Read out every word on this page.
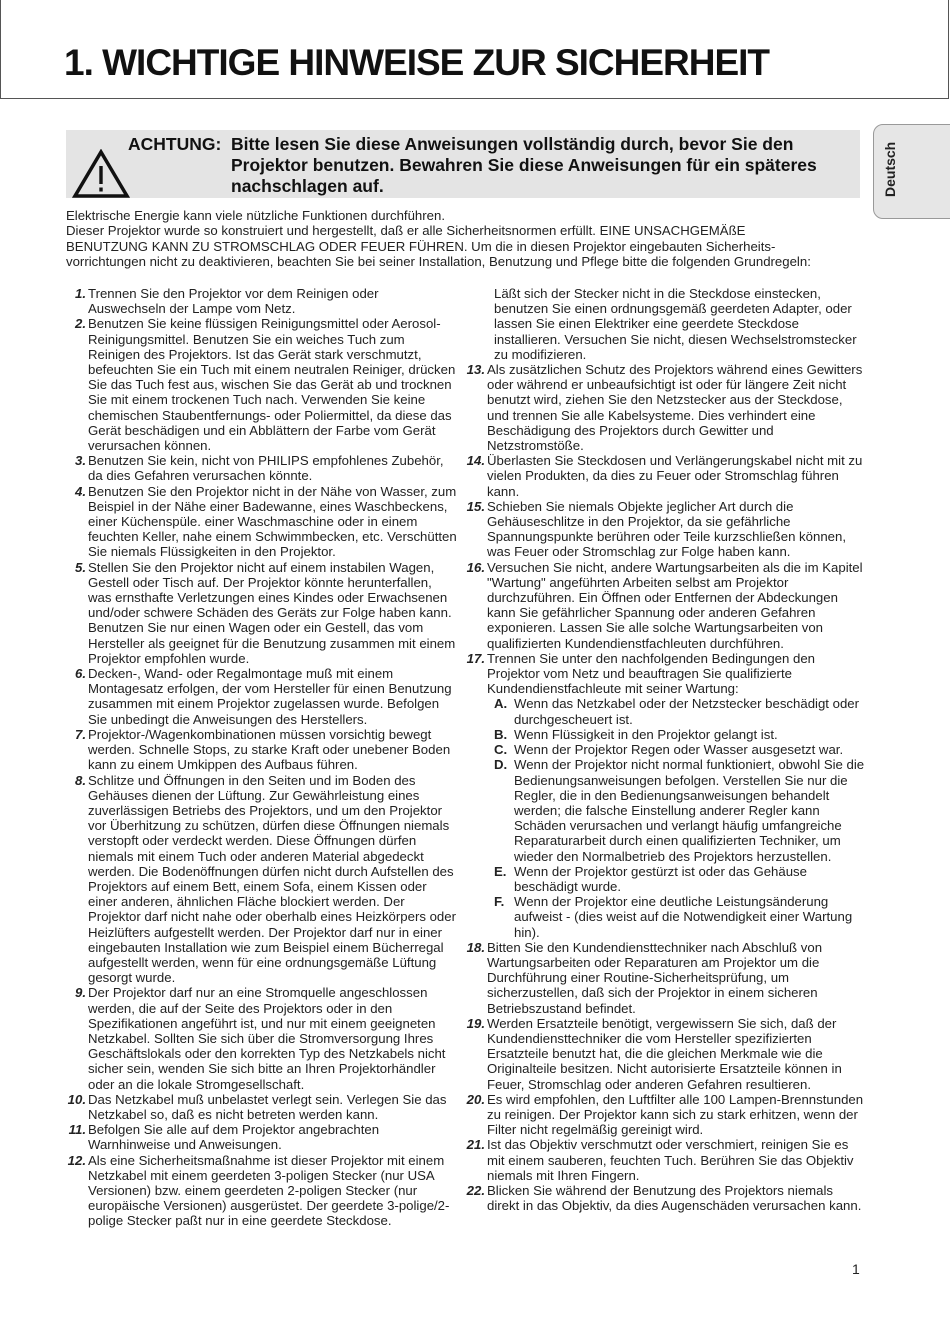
1. WICHTIGE HINWEISE ZUR SICHERHEIT
Deutsch
ACHTUNG: Bitte lesen Sie diese Anweisungen vollständig durch, bevor Sie den Projektor benutzen. Bewahren Sie diese Anweisungen für ein späteres nachschlagen auf.
Elektrische Energie kann viele nützliche Funktionen durchführen.
Dieser Projektor wurde so konstruiert und hergestellt, daß er alle Sicherheitsnormen erfüllt. EINE UNSACHGEMÄßE
BENUTZUNG KANN ZU STROMSCHLAG ODER FEUER FÜHREN. Um die in diesen Projektor eingebauten Sicherheits-
vorrichtungen nicht zu deaktivieren, beachten Sie bei seiner Installation, Benutzung und Pflege bitte die folgenden Grundregeln:
1. Trennen Sie den Projektor vor dem Reinigen oder Auswechseln der Lampe vom Netz.
2. Benutzen Sie keine flüssigen Reinigungsmittel oder Aerosol-Reinigungsmittel. Benutzen Sie ein weiches Tuch zum Reinigen des Projektors. Ist das Gerät stark verschmutzt, befeuchten Sie ein Tuch mit einem neutralen Reiniger, drücken Sie das Tuch fest aus, wischen Sie das Gerät ab und trocknen Sie mit einem trockenen Tuch nach. Verwenden Sie keine chemischen Staubentfernungs- oder Poliermittel, da diese das Gerät beschädigen und ein Abblättern der Farbe vom Gerät verursachen können.
3. Benutzen Sie kein, nicht von PHILIPS empfohlenes Zubehör, da dies Gefahren verursachen könnte.
4. Benutzen Sie den Projektor nicht in der Nähe von Wasser, zum Beispiel in der Nähe einer Badewanne, eines Waschbeckens, einer Küchenspüle. einer Waschmaschine oder in einem feuchten Keller, nahe einem Schwimmbecken, etc. Verschütten Sie niemals Flüssigkeiten in den Projektor.
5. Stellen Sie den Projektor nicht auf einem instabilen Wagen, Gestell oder Tisch auf. Der Projektor könnte herunterfallen, was ernsthafte Verletzungen eines Kindes oder Erwachsenen und/oder schwere Schäden des Geräts zur Folge haben kann. Benutzen Sie nur einen Wagen oder ein Gestell, das vom Hersteller als geeignet für die Benutzung zusammen mit einem Projektor empfohlen wurde.
6. Decken-, Wand- oder Regalmontage muß mit einem Montagesatz erfolgen, der vom Hersteller für einen Benutzung zusammen mit einem Projektor zugelassen wurde. Befolgen Sie unbedingt die Anweisungen des Herstellers.
7. Projektor-/Wagenkombinationen müssen vorsichtig bewegt werden. Schnelle Stops, zu starke Kraft oder unebener Boden kann zu einem Umkippen des Aufbaus führen.
8. Schlitze und Öffnungen in den Seiten und im Boden des Gehäuses dienen der Lüftung. Zur Gewährleistung eines zuverlässigen Betriebs des Projektors, und um den Projektor vor Überhitzung zu schützen, dürfen diese Öffnungen niemals verstopft oder verdeckt werden. Diese Öffnungen dürfen niemals mit einem Tuch oder anderen Material abgedeckt werden. Die Bodenöffnungen dürfen nicht durch Aufstellen des Projektors auf einem Bett, einem Sofa, einem Kissen oder einer anderen, ähnlichen Fläche blockiert werden. Der Projektor darf nicht nahe oder oberhalb eines Heizkörpers oder Heizlüfters aufgestellt werden. Der Projektor darf nur in einer eingebauten Installation wie zum Beispiel einem Bücherregal aufgestellt werden, wenn für eine ordnungsgemäße Lüftung gesorgt wurde.
9. Der Projektor darf nur an eine Stromquelle angeschlossen werden, die auf der Seite des Projektors oder in den Spezifikationen angeführt ist, und nur mit einem geeigneten Netzkabel. Sollten Sie sich über die Stromversorgung Ihres Geschäftslokals oder den korrekten Typ des Netzkabels nicht sicher sein, wenden Sie sich bitte an Ihren Projektorhändler oder an die lokale Stromgesellschaft.
10. Das Netzkabel muß unbelastet verlegt sein. Verlegen Sie das Netzkabel so, daß es nicht betreten werden kann.
11. Befolgen Sie alle auf dem Projektor angebrachten Warnhinweise und Anweisungen.
12. Als eine Sicherheitsmaßnahme ist dieser Projektor mit einem Netzkabel mit einem geerdeten 3-poligen Stecker (nur USA Versionen) bzw. einem geerdeten 2-poligen Stecker (nur europäische Versionen) ausgerüstet. Der geerdete 3-polige/2-polige Stecker paßt nur in eine geerdete Steckdose.
Läßt sich der Stecker nicht in die Steckdose einstecken, benutzen Sie einen ordnungsgemäß geerdeten Adapter, oder lassen Sie einen Elektriker eine geerdete Steckdose installieren. Versuchen Sie nicht, diesen Wechselstromstecker zu modifizieren.
13. Als zusätzlichen Schutz des Projektors während eines Gewitters oder während er unbeaufsichtigt ist oder für längere Zeit nicht benutzt wird, ziehen Sie den Netzstecker aus der Steckdose, und trennen Sie alle Kabelsysteme. Dies verhindert eine Beschädigung des Projektors durch Gewitter und Netzstromstöße.
14. Überlasten Sie Steckdosen und Verlängerungskabel nicht mit zu vielen Produkten, da dies zu Feuer oder Stromschlag führen kann.
15. Schieben Sie niemals Objekte jeglicher Art durch die Gehäuseschlitze in den Projektor, da sie gefährliche Spannungspunkte berühren oder Teile kurzschließen können, was Feuer oder Stromschlag zur Folge haben kann.
16. Versuchen Sie nicht, andere Wartungsarbeiten als die im Kapitel "Wartung" angeführten Arbeiten selbst am Projektor durchzuführen. Ein Öffnen oder Entfernen der Abdeckungen kann Sie gefährlicher Spannung oder anderen Gefahren exponieren. Lassen Sie alle solche Wartungsarbeiten von qualifizierten Kundendienstfachleuten durchführen.
17. Trennen Sie unter den nachfolgenden Bedingungen den Projektor vom Netz und beauftragen Sie qualifizierte Kundendienstfachleute mit seiner Wartung:
A. Wenn das Netzkabel oder der Netzstecker beschädigt oder durchgescheuert ist.
B. Wenn Flüssigkeit in den Projektor gelangt ist.
C. Wenn der Projektor Regen oder Wasser ausgesetzt war.
D. Wenn der Projektor nicht normal funktioniert, obwohl Sie die Bedienungsanweisungen befolgen. Verstellen Sie nur die Regler, die in den Bedienungsanweisungen behandelt werden; die falsche Einstellung anderer Regler kann Schäden verursachen und verlangt häufig umfangreiche Reparaturarbeit durch einen qualifizierten Techniker, um wieder den Normalbetrieb des Projektors herzustellen.
E. Wenn der Projektor gestürzt ist oder das Gehäuse beschädigt wurde.
F. Wenn der Projektor eine deutliche Leistungsänderung aufweist - (dies weist auf die Notwendigkeit einer Wartung hin).
18. Bitten Sie den Kundendiensttechniker nach Abschluß von Wartungsarbeiten oder Reparaturen am Projektor um die Durchführung einer Routine-Sicherheitsprüfung, um sicherzustellen, daß sich der Projektor in einem sicheren Betriebszustand befindet.
19. Werden Ersatzteile benötigt, vergewissern Sie sich, daß der Kundendiensttechniker die vom Hersteller spezifizierten Ersatzteile benutzt hat, die die gleichen Merkmale wie die Originalteile besitzen. Nicht autorisierte Ersatzteile können in Feuer, Stromschlag oder anderen Gefahren resultieren.
20. Es wird empfohlen, den Luftfilter alle 100 Lampen-Brennstunden zu reinigen. Der Projektor kann sich zu stark erhitzen, wenn der Filter nicht regelmäßig gereinigt wird.
21. Ist das Objektiv verschmutzt oder verschmiert, reinigen Sie es mit einem sauberen, feuchten Tuch. Berühren Sie das Objektiv niemals mit Ihren Fingern.
22. Blicken Sie während der Benutzung des Projektors niemals direkt in das Objektiv, da dies Augenschäden verursachen kann.
1
